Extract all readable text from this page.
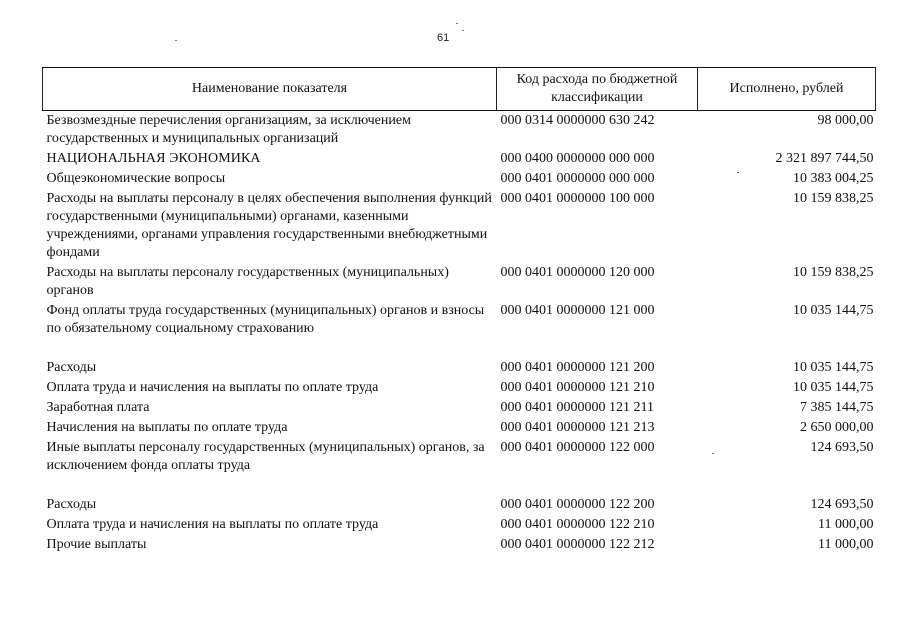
61
Наименование показателя	Код расхода по бюджетной классификации	Исполнено, рублей
Безвозмездные перечисления организациям, за исключением государственных и муниципальных организаций	000 0314 0000000 630 242	98 000,00
НАЦИОНАЛЬНАЯ ЭКОНОМИКА	000 0400 0000000 000 000	2 321 897 744,50
Общеэкономические вопросы	000 0401 0000000 000 000	10 383 004,25
Расходы на выплаты персоналу в целях обеспечения выполнения функций государственными (муниципальными) органами, казенными учреждениями, органами управления государственными внебюджетными фондами	000 0401 0000000 100 000	10 159 838,25
Расходы на выплаты персоналу государственных (муниципальных) органов	000 0401 0000000 120 000	10 159 838,25
Фонд оплаты труда государственных (муниципальных) органов и взносы по обязательному социальному страхованию	000 0401 0000000 121 000	10 035 144,75
Расходы	000 0401 0000000 121 200	10 035 144,75
Оплата труда и начисления на выплаты по оплате труда	000 0401 0000000 121 210	10 035 144,75
Заработная плата	000 0401 0000000 121 211	7 385 144,75
Начисления на выплаты по оплате труда	000 0401 0000000 121 213	2 650 000,00
Иные выплаты персоналу государственных (муниципальных) органов, за исключением фонда оплаты труда	000 0401 0000000 122 000	124 693,50
Расходы	000 0401 0000000 122 200	124 693,50
Оплата труда и начисления на выплаты по оплате труда	000 0401 0000000 122 210	11 000,00
Прочие выплаты	000 0401 0000000 122 212	11 000,00
